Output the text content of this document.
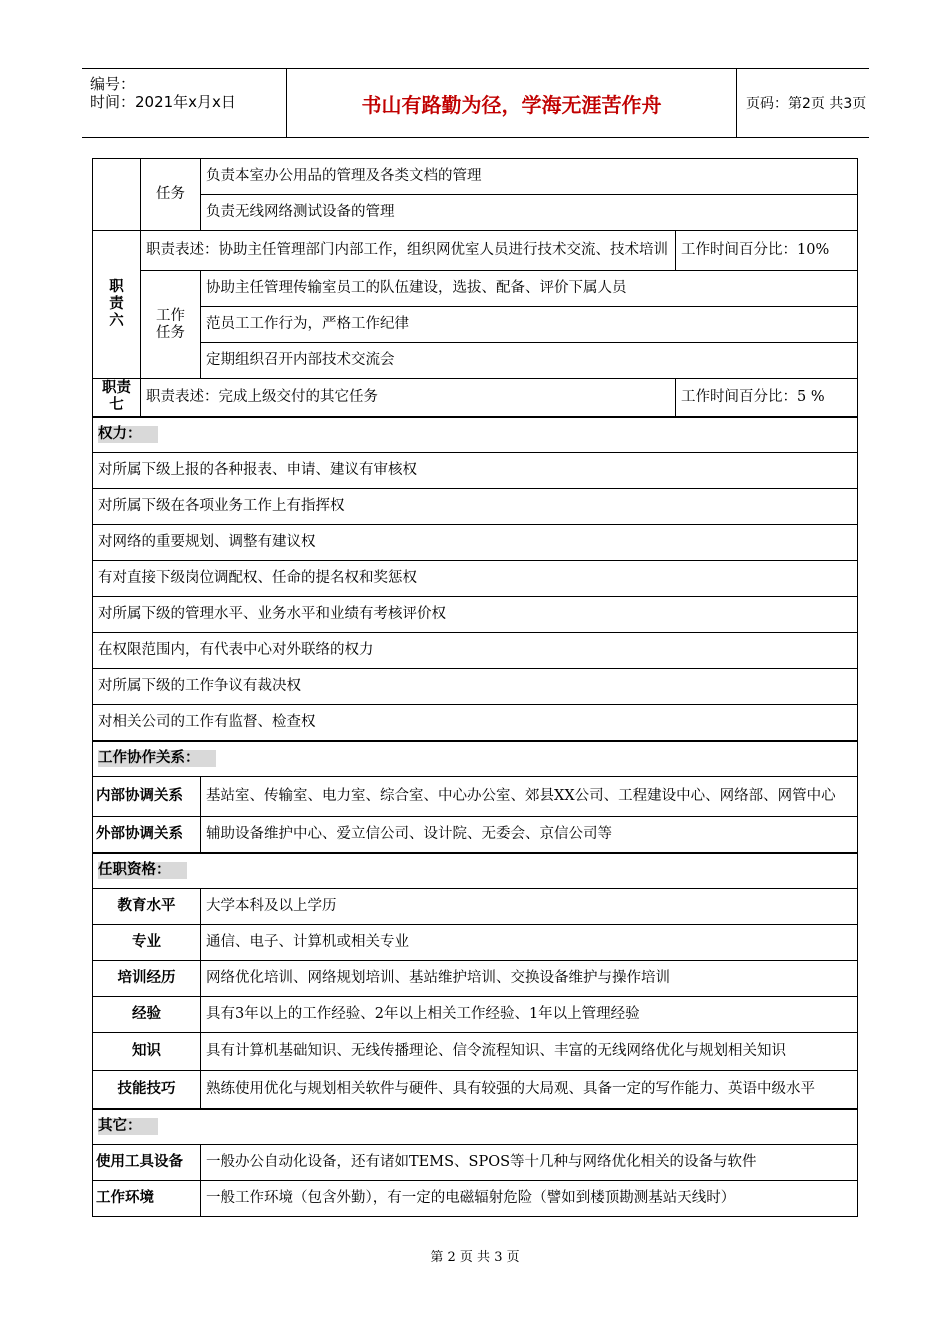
编号：
时间：2021年x月x日	书山有路勤为径，学海无涯苦作舟	页码：第2页 共3页
	任务	负责本室办公用品的管理及各类文档的管理	
		负责无线网络测试设备的管理	
职责六	职责表述：协助主任管理部门内部工作，组织网优室人员进行技术交流、技术培训		工作时间百分比：10%
	工作任务	协助主任管理传输室员工的队伍建设，选拔、配备、评价下属人员	
		范员工工作行为，严格工作纪律	
		定期组织召开内部技术交流会	
职责七	职责表述：完成上级交付的其它任务		工作时间百分比：5 %
权力：			
对所属下级上报的各种报表、申请、建议有审核权			
对所属下级在各项业务工作上有指挥权			
对网络的重要规划、调整有建议权			
有对直接下级岗位调配权、任命的提名权和奖惩权			
对所属下级的管理水平、业务水平和业绩有考核评价权			
在权限范围内，有代表中心对外联络的权力			
对所属下级的工作争议有裁决权			
对相关公司的工作有监督、检查权			
工作协作关系：			
内部协调关系		基站室、传输室、电力室、综合室、中心办公室、郊县XX公司、工程建设中心、网络部、网管中心	
外部协调关系		辅助设备维护中心、爱立信公司、设计院、无委会、京信公司等	
任职资格：			
教育水平		大学本科及以上学历	
专业		通信、电子、计算机或相关专业	
培训经历		网络优化培训、网络规划培训、基站维护培训、交换设备维护与操作培训	
经验		具有3年以上的工作经验、2年以上相关工作经验、1年以上管理经验	
知识		具有计算机基础知识、无线传播理论、信令流程知识、丰富的无线网络优化与规划相关知识	
技能技巧		熟练使用优化与规划相关软件与硬件、具有较强的大局观、具备一定的写作能力、英语中级水平	
其它：			
使用工具设备		一般办公自动化设备，还有诸如TEMS、SPOS等十几种与网络优化相关的设备与软件	
工作环境		一般工作环境（包含外勤），有一定的电磁辐射危险（譬如到楼顶勘测基站天线时）	
第 2 页 共 3 页
